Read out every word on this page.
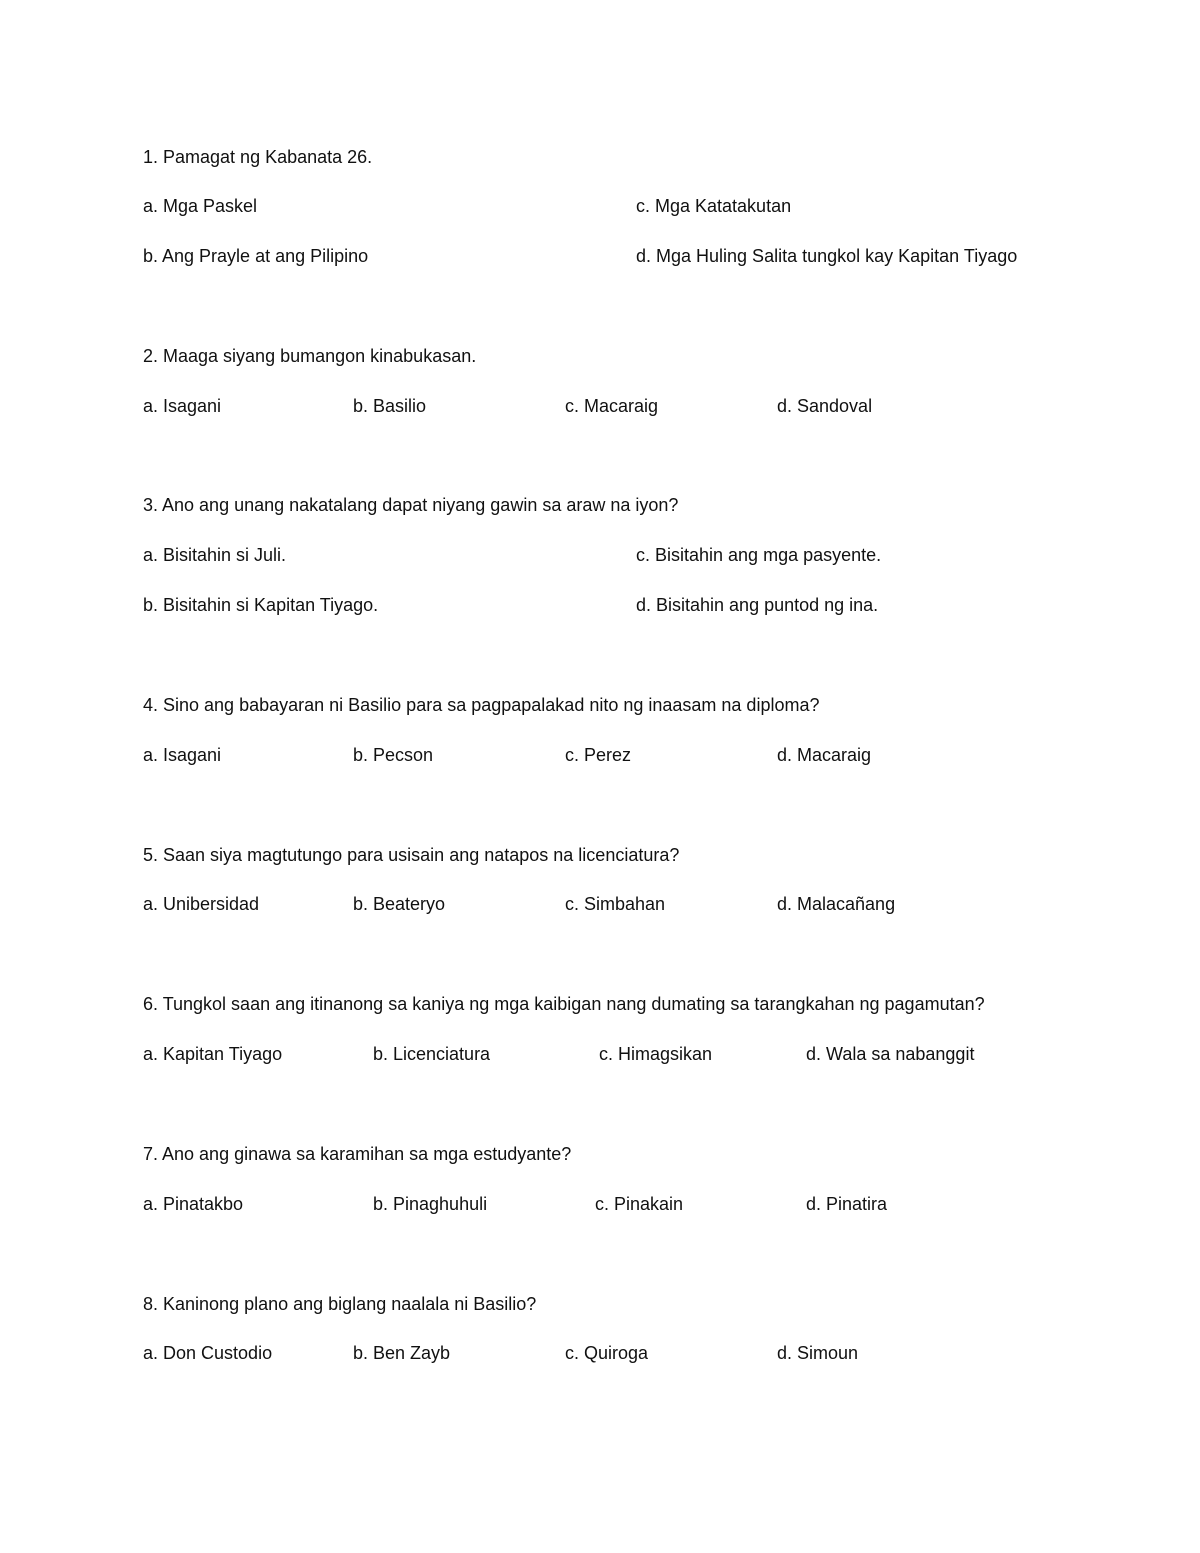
1. Pamagat ng Kabanata 26.
a. Mga Paskel	c. Mga Katatakutan
b. Ang Prayle at ang Pilipino	d. Mga Huling Salita tungkol kay Kapitan Tiyago
2. Maaga siyang bumangon kinabukasan.
a. Isagani	b. Basilio	c. Macaraig	d. Sandoval
3. Ano ang unang nakatalang dapat niyang gawin sa araw na iyon?
a. Bisitahin si Juli.	c. Bisitahin ang mga pasyente.
b. Bisitahin si Kapitan Tiyago.	d. Bisitahin ang puntod ng ina.
4. Sino ang babayaran ni Basilio para sa pagpapalakad nito ng inaasam na diploma?
a. Isagani	b. Pecson	c. Perez	d. Macaraig
5. Saan siya magtutungo para usisain ang natapos na licenciatura?
a. Unibersidad	b. Beateryo	c. Simbahan	d. Malacañang
6. Tungkol saan ang itinanong sa kaniya ng mga kaibigan nang dumating sa tarangkahan ng pagamutan?
a. Kapitan Tiyago	b. Licenciatura	c. Himagsikan	d. Wala sa nabanggit
7. Ano ang ginawa sa karamihan sa mga estudyante?
a. Pinatakbo	b. Pinaghuhuli	c. Pinakain	d. Pinatira
8. Kaninong plano ang biglang naalala ni Basilio?
a. Don Custodio	b. Ben Zayb	c. Quiroga	d. Simoun
